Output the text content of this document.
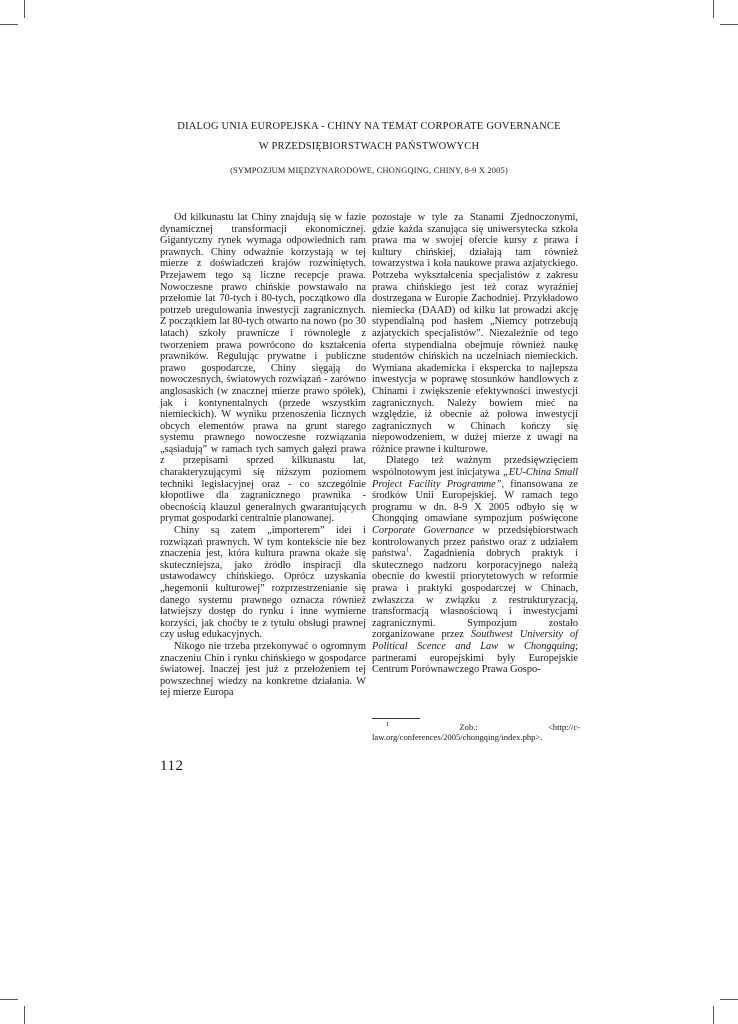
DIALOG UNIA EUROPEJSKA - CHINY NA TEMAT CORPORATE GOVERNANCE
W PRZEDSIĘBIORSTWACH PAŃSTWOWYCH
(SYMPOZJUM MIĘDZYNARODOWE, CHONGQING, CHINY, 8-9 X 2005)

Od kilkunastu lat Chiny znajdują się w fazie dynamicznej transformacji ekonomicznej. Gigantyczny rynek wymaga odpowiednich ram prawnych. Chiny odważnie korzystają w tej mierze z doświadczeń krajów rozwiniętych. Przejawem tego są liczne recepcje prawa. Nowoczesne prawo chińskie powstawało na przełomie lat 70-tych i 80-tych, początkowo dla potrzeb uregulowania inwestycji zagranicznych. Z początkiem lat 80-tych otwarto na nowo (po 30 latach) szkoły prawnicze i równolegle z tworzeniem prawa powrócono do kształcenia prawników. Regulując prywatne i publiczne prawo gospodarcze, Chiny sięgają do nowoczesnych, światowych rozwiązań - zarówno anglosaskich (w znacznej mierze prawo spółek), jak i kontynentalnych (przede wszystkim niemieckich). W wyniku przenoszenia licznych obcych elementów prawa na grunt starego systemu prawnego nowoczesne rozwiązania „sąsiadują” w ramach tych samych gałęzi prawa z przepisami sprzed kilkunastu lat, charakteryzującymi się niższym poziomem techniki legislacyjnej oraz - co szczególnie kłopotliwe dla zagranicznego prawnika - obecnością klauzul generalnych gwarantujących prymat gospodarki centralnie planowanej.

Chiny są zatem „importerem” idei i rozwiązań prawnych. W tym kontekście nie bez znaczenia jest, która kultura prawna okaże się skuteczniejsza, jako źródło inspiracji dla ustawodawcy chińskiego. Oprócz uzyskania „hegemonii kulturowej” rozprzestrzenianie się danego systemu prawnego oznacza również łatwiejszy dostęp do rynku i inne wymierne korzyści, jak choćby te z tytułu obsługi prawnej czy usług edukacyjnych.

Nikogo nie trzeba przekonywać o ogromnym znaczeniu Chin i rynku chińskiego w gospodarce światowej. Inaczej jest już z przełożeniem tej powszechnej wiedzy na konkretne działania. W tej mierze Europa

pozostaje w tyle za Stanami Zjednoczonymi, gdzie każda szanująca się uniwersytecka szkoła prawa ma w swojej ofercie kursy z prawa i kultury chińskiej, działają tam również towarzystwa i koła naukowe prawa azjatyckiego. Potrzeba wykształcenia specjalistów z zakresu prawa chińskiego jest też coraz wyraźniej dostrzegana w Europie Zachodniej. Przykładowo niemiecka (DAAD) od kilku lat prowadzi akcję stypendialną pod hasłem „Niemcy potrzebują azjatyckich specjalistów”. Niezależnie od tego oferta stypendialna obejmuje również naukę studentów chińskich na uczelniach niemieckich. Wymiana akademicka i ekspercka to najlepsza inwestycja w poprawę stosunków handlowych z Chinami i zwiększenie efektywności inwestycji zagranicznych. Należy bowiem mieć na względzie, iż obecnie aż połowa inwestycji zagranicznych w Chinach kończy się niepowodzeniem, w dużej mierze z uwagi na różnice prawne i kulturowe.

Dlatego też ważnym przedsięwzięciem wspólnotowym jest inicjatywa „EU-China Small Project Facility Programme”, finansowana ze środków Unii Europejskiej. W ramach tego programu w dn. 8-9 X 2005 odbyło się w Chongqing omawiane sympozjum poświęcone Corporate Governance w przedsiębiorstwach kontrolowanych przez państwo oraz z udziałem państwa$^1$. Zagadnienia dobrych praktyk i skutecznego nadzoru korporacyjnego należą obecnie do kwestii priorytetowych w reformie prawa i praktyki gospodarczej w Chinach, zwłaszcza w związku z restrukturyzacją, transformacją własnościową i inwestycjami zagranicznymi. Sympozjum zostało zorganizowane przez Southwest University of Political Scence and Law w Chongquing; partnerami europejskimi były Europejskie Centrum Porównawczego Prawa Gospo-

$^1$ Zob.: <http://c-law.org/conferences/2005/chongqing/index.php>.
112
